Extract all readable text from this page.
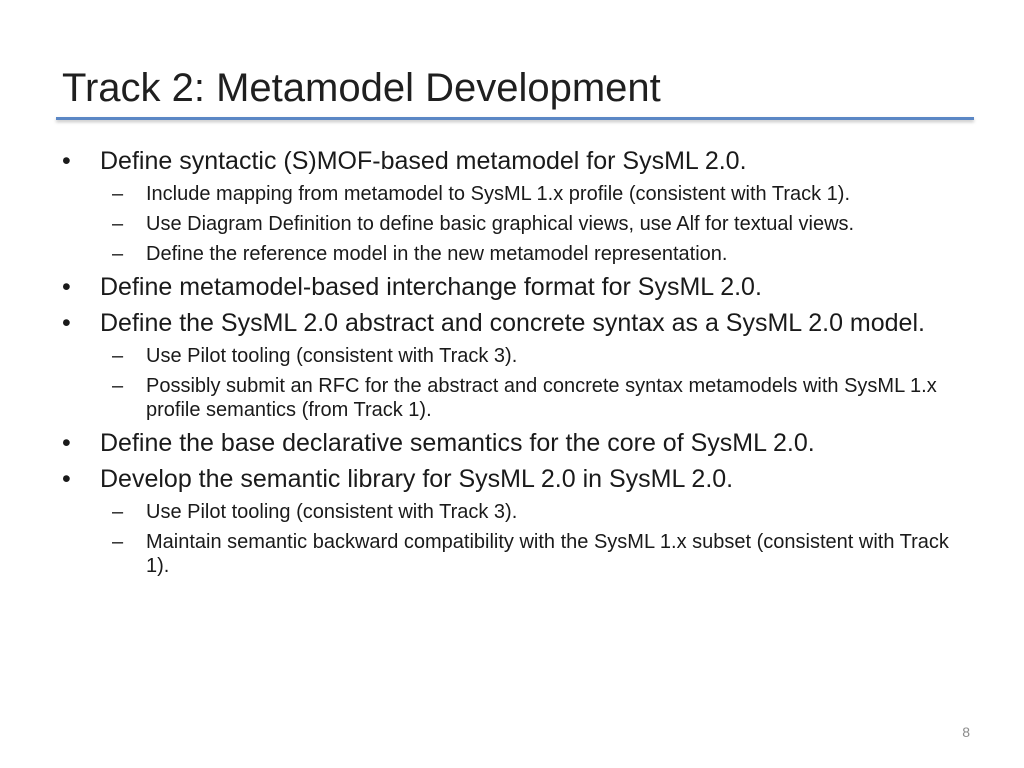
Track 2: Metamodel Development
•	Define syntactic (S)MOF-based metamodel for SysML 2.0.
– Include mapping from metamodel to SysML 1.x profile (consistent with Track 1).
– Use Diagram Definition to define basic graphical views, use Alf for textual views.
– Define the reference model in the new metamodel representation.
•	Define metamodel-based interchange format for SysML 2.0.
•	Define the SysML 2.0 abstract and concrete syntax as a SysML 2.0 model.
– Use Pilot tooling (consistent with Track 3).
– Possibly submit an RFC for the abstract and concrete syntax metamodels with SysML 1.x profile semantics (from Track 1).
•	Define the base declarative semantics for the core of SysML 2.0.
•	Develop the semantic library for SysML 2.0 in SysML 2.0.
– Use Pilot tooling (consistent with Track 3).
– Maintain semantic backward compatibility with the SysML 1.x subset (consistent with Track 1).
8
